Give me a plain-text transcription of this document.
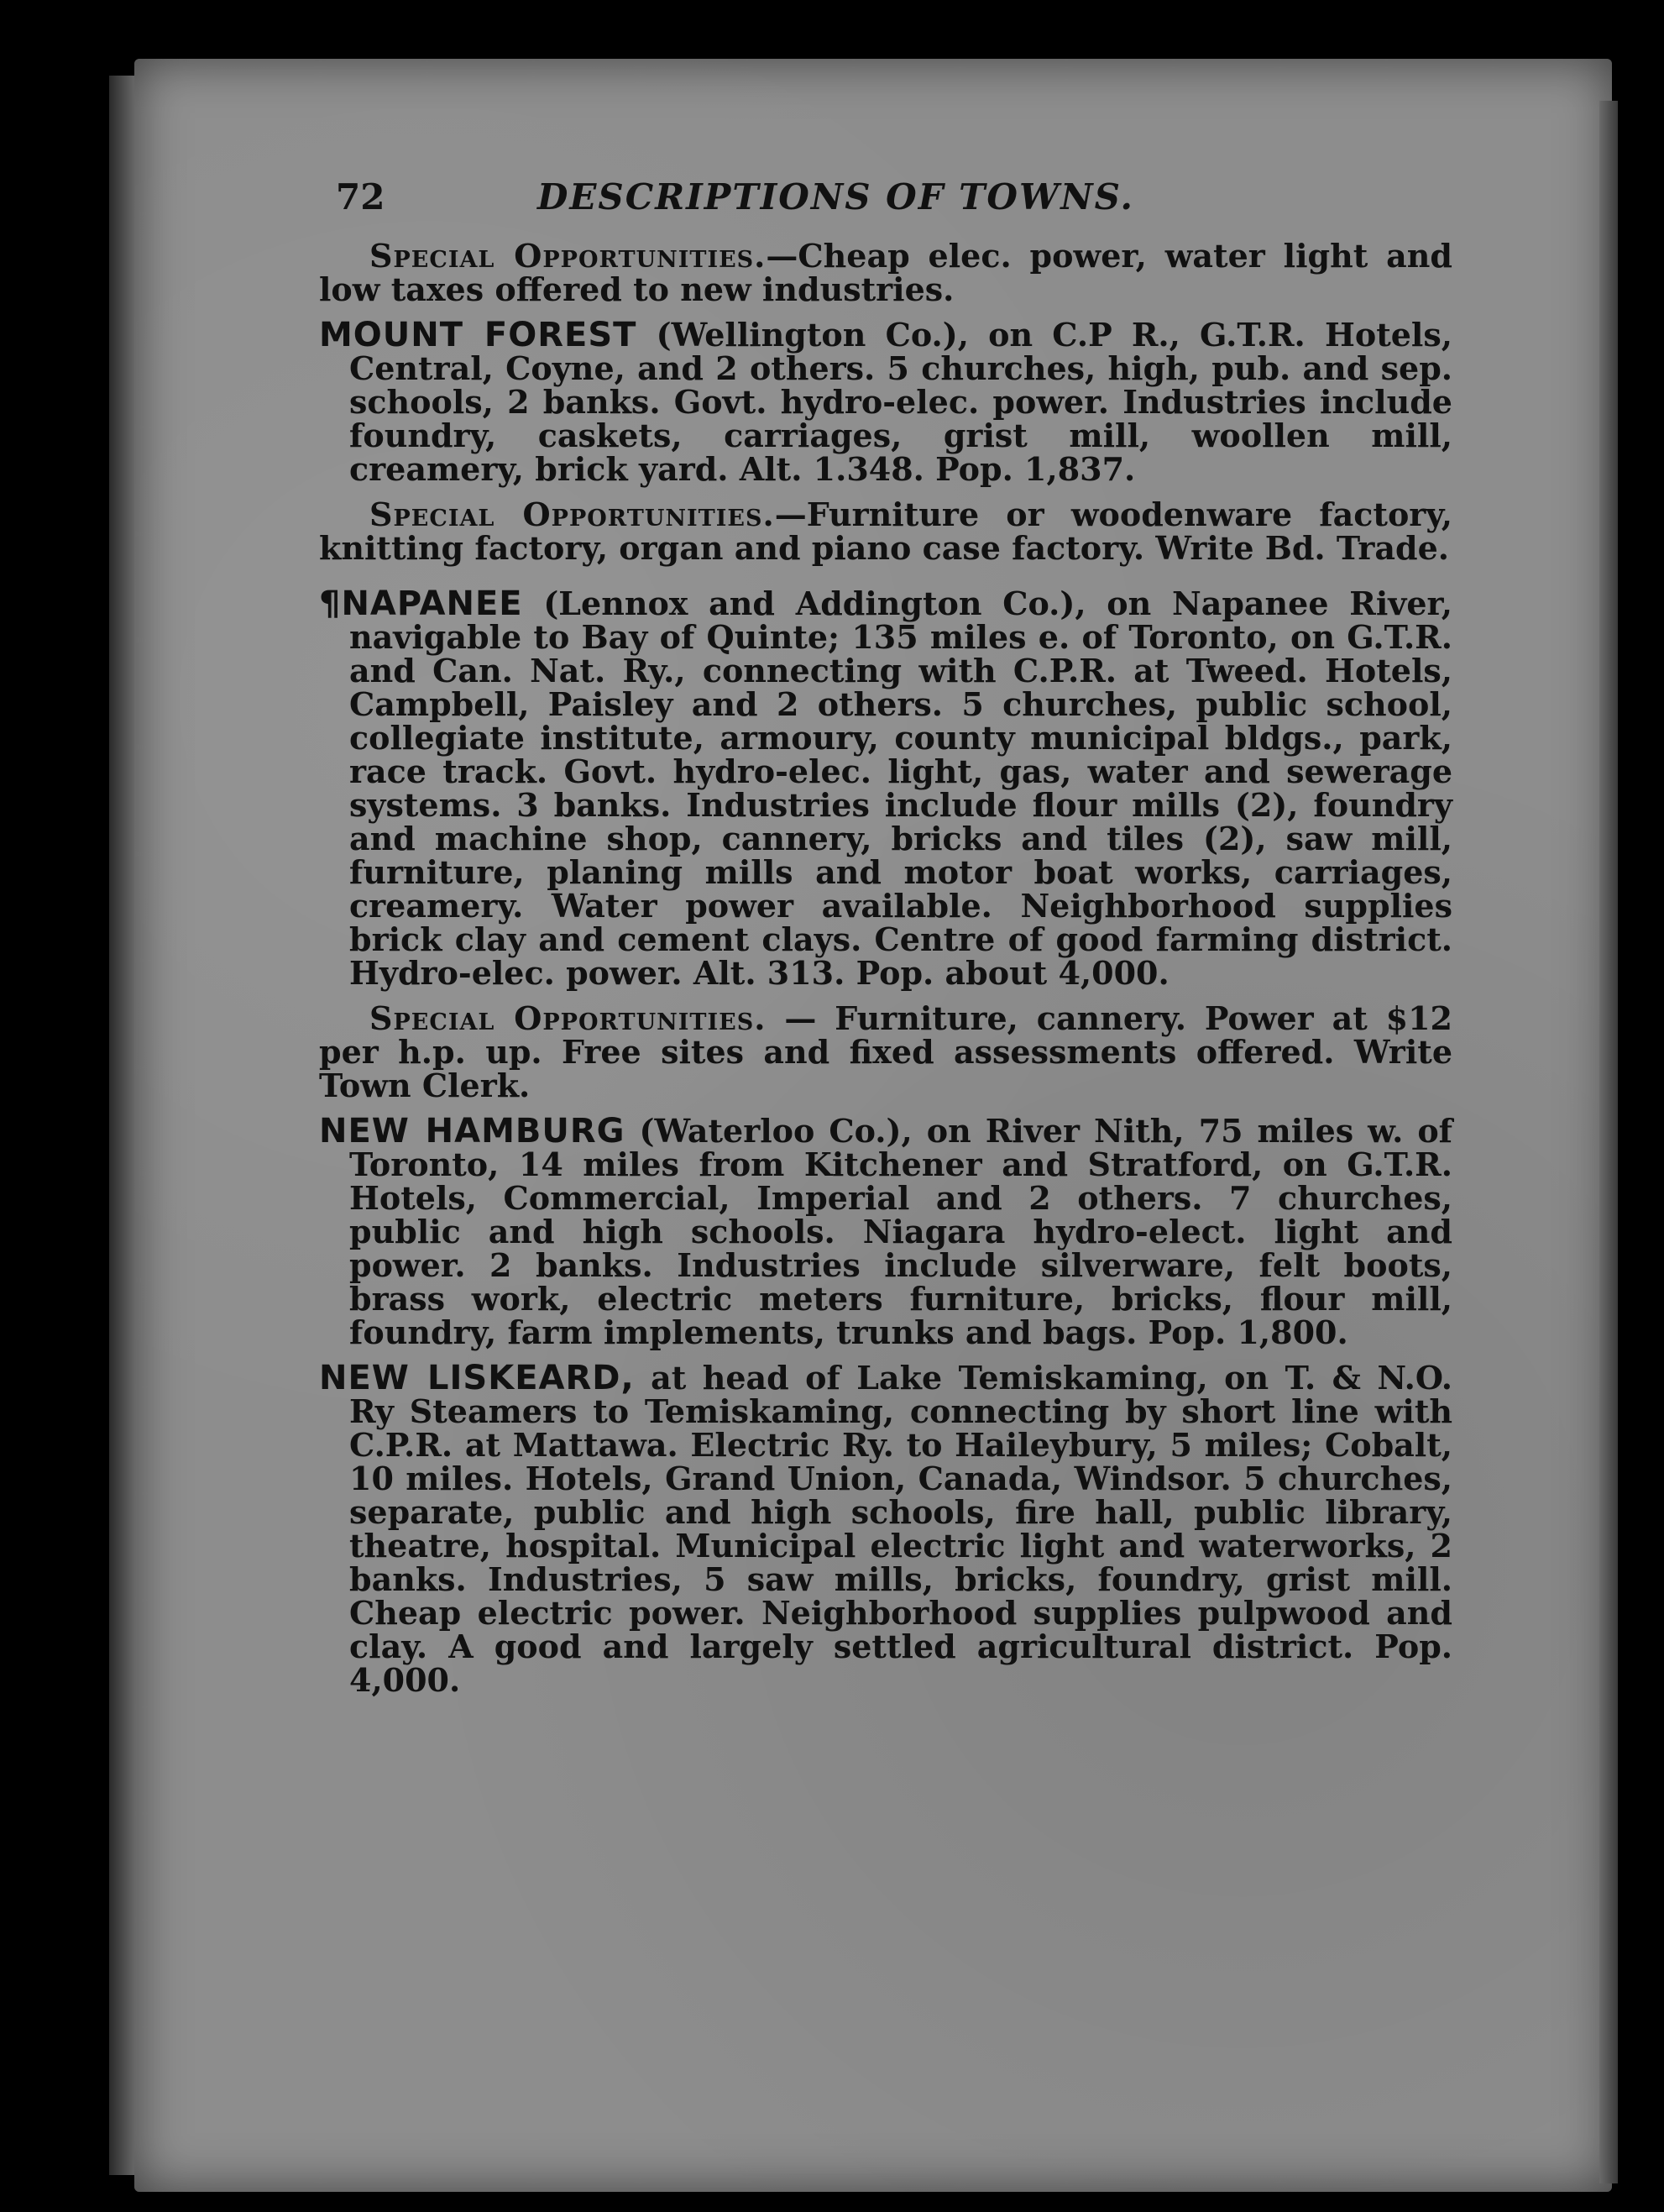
72	DESCRIPTIONS OF TOWNS.

Special Opportunities.—Cheap elec. power, water light and low taxes offered to new industries.

MOUNT FOREST (Wellington Co.), on C.P R., G.T.R. Hotels, Central, Coyne, and 2 others. 5 churches, high, pub. and sep. schools, 2 banks. Govt. hydro-elec. power. Industries include foundry, caskets, carriages, grist mill, woollen mill, creamery, brick yard. Alt. 1.348. Pop. 1,837.

Special Opportunities.—Furniture or woodenware factory, knitting factory, organ and piano case factory. Write Bd. Trade.

¶NAPANEE (Lennox and Addington Co.), on Napanee River, navigable to Bay of Quinte; 135 miles e. of Toronto, on G.T.R. and Can. Nat. Ry., connecting with C.P.R. at Tweed. Hotels, Campbell, Paisley and 2 others. 5 churches, public school, collegiate institute, armoury, county municipal bldgs., park, race track. Govt. hydro-elec. light, gas, water and sewerage systems. 3 banks. Industries include flour mills (2), foundry and machine shop, cannery, bricks and tiles (2), saw mill, furniture, planing mills and motor boat works, carriages, creamery. Water power available. Neighborhood supplies brick clay and cement clays. Centre of good farming district. Hydro-elec. power. Alt. 313. Pop. about 4,000.

Special Opportunities. — Furniture, cannery. Power at $12 per h.p. up. Free sites and fixed assessments offered. Write Town Clerk.

NEW HAMBURG (Waterloo Co.), on River Nith, 75 miles w. of Toronto, 14 miles from Kitchener and Stratford, on G.T.R. Hotels, Commercial, Imperial and 2 others. 7 churches, public and high schools. Niagara hydro-elect. light and power. 2 banks. Industries include silverware, felt boots, brass work, electric meters furniture, bricks, flour mill, foundry, farm implements, trunks and bags. Pop. 1,800.

NEW LISKEARD, at head of Lake Temiskaming, on T. & N.O. Ry Steamers to Temiskaming, connecting by short line with C.P.R. at Mattawa. Electric Ry. to Haileybury, 5 miles; Cobalt, 10 miles. Hotels, Grand Union, Canada, Windsor. 5 churches, separate, public and high schools, fire hall, public library, theatre, hospital. Municipal electric light and waterworks, 2 banks. Industries, 5 saw mills, bricks, foundry, grist mill. Cheap electric power. Neighborhood supplies pulpwood and clay. A good and largely settled agricultural district. Pop. 4,000.
